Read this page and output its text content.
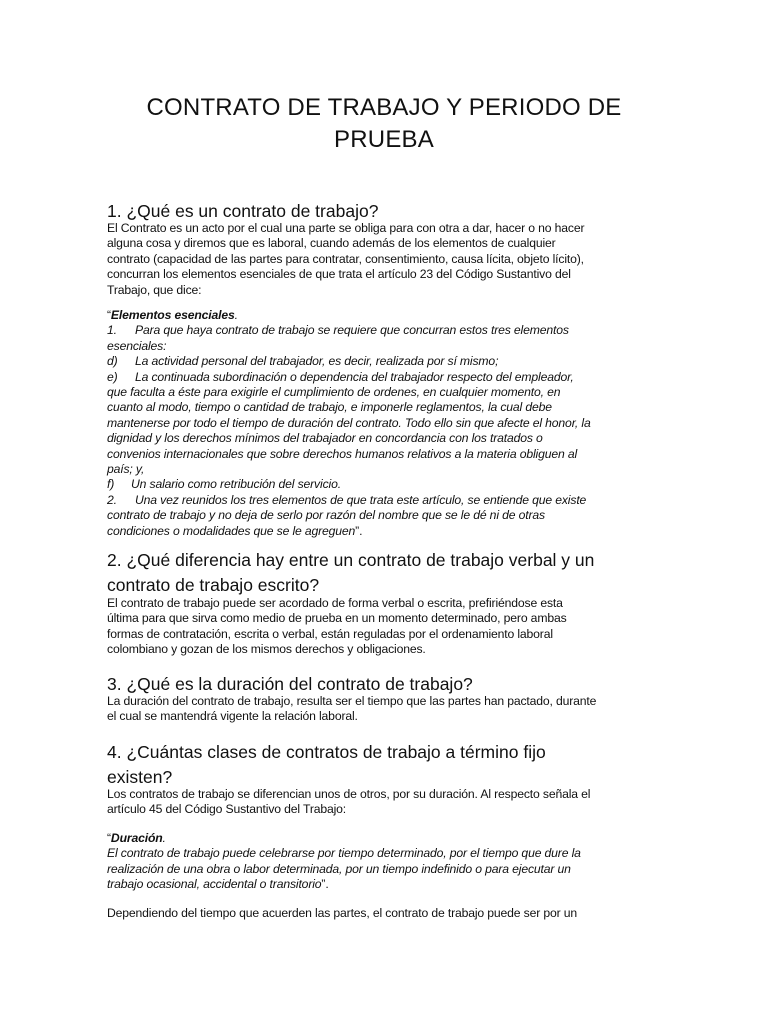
CONTRATO DE TRABAJO Y PERIODO DE
PRUEBA
1. ¿Qué es un contrato de trabajo?
El Contrato es un acto por el cual una parte se obliga para con otra a dar, hacer o no hacer
alguna cosa y diremos que es laboral, cuando además de los elementos de cualquier
contrato (capacidad de las partes para contratar, consentimiento, causa lícita, objeto lícito),
concurran los elementos esenciales de que trata el artículo 23 del Código Sustantivo del
Trabajo, que dice:
“Elementos esenciales.
1. Para que haya contrato de trabajo se requiere que concurran estos tres elementos
esenciales:
d) La actividad personal del trabajador, es decir, realizada por sí mismo;
e) La continuada subordinación o dependencia del trabajador respecto del empleador,
que faculta a éste para exigirle el cumplimiento de ordenes, en cualquier momento, en
cuanto al modo, tiempo o cantidad de trabajo, e imponerle reglamentos, la cual debe
mantenerse por todo el tiempo de duración del contrato. Todo ello sin que afecte el honor, la
dignidad y los derechos mínimos del trabajador en concordancia con los tratados o
convenios internacionales que sobre derechos humanos relativos a la materia obliguen al
país; y,
f) Un salario como retribución del servicio.
2. Una vez reunidos los tres elementos de que trata este artículo, se entiende que existe
contrato de trabajo y no deja de serlo por razón del nombre que se le dé ni de otras
condiciones o modalidades que se le agreguen”.
2. ¿Qué diferencia hay entre un contrato de trabajo verbal y un
contrato de trabajo escrito?
El contrato de trabajo puede ser acordado de forma verbal o escrita, prefiriéndose esta
última para que sirva como medio de prueba en un momento determinado, pero ambas
formas de contratación, escrita o verbal, están reguladas por el ordenamiento laboral
colombiano y gozan de los mismos derechos y obligaciones.
3. ¿Qué es la duración del contrato de trabajo?
La duración del contrato de trabajo, resulta ser el tiempo que las partes han pactado, durante
el cual se mantendrá vigente la relación laboral.
4. ¿Cuántas clases de contratos de trabajo a término fijo
existen?
Los contratos de trabajo se diferencian unos de otros, por su duración. Al respecto señala el
artículo 45 del Código Sustantivo del Trabajo:
“Duración.
El contrato de trabajo puede celebrarse por tiempo determinado, por el tiempo que dure la
realización de una obra o labor determinada, por un tiempo indefinido o para ejecutar un
trabajo ocasional, accidental o transitorio”.
Dependiendo del tiempo que acuerden las partes, el contrato de trabajo puede ser por un
